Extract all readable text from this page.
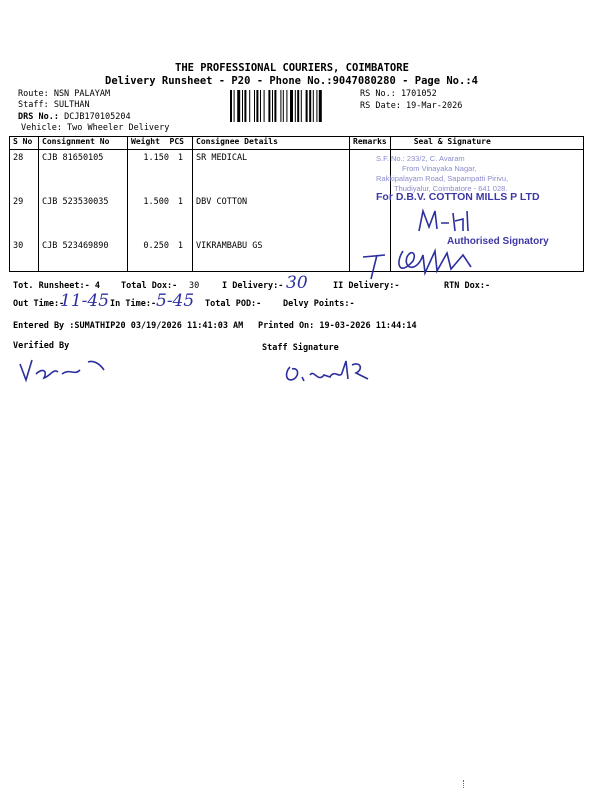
THE PROFESSIONAL COURIERS, COIMBATORE
Delivery Runsheet - P20 - Phone No.:9047080280 - Page No.:4
Route: NSN PALAYAM
Staff: SULTHAN
DRS No.: DCJB170105204
Vehicle: Two Wheeler Delivery
RS No.: 1701052
RS Date: 19-Mar-2026
S No	Consignment No	Weight PCS	Consignee Details	Remarks	Seal & Signature
28	CJB 81650105	1.150 1	SR MEDICAL		
29	CJB 523530035	1.500 1	DBV COTTON		
30	CJB 523469890	0.250 1	VIKRAMBABU GS		
S.F. No.: 233/2, C. Avaram
From Vinayaka Nagar,
Rakkipalayam Road, Sapampatti Pirivu,
Thudiyalur, Coimbatore - 641 028.
For D.B.V. COTTON MILLS P LTD
Authorised Signatory
Tot. Runsheet:- 4 Total Dox:- 30	I Delivery:- 30	II Delivery:-	RTN Dox:-
Out Time:-
11-45 In Time:- 5-45 Total POD:-	Delvy Points:-
Entered By :SUMATHIP20 03/19/2026 11:41:03 AM Printed On: 19-03-2026 11:44:14
Verified By	Staff Signature
